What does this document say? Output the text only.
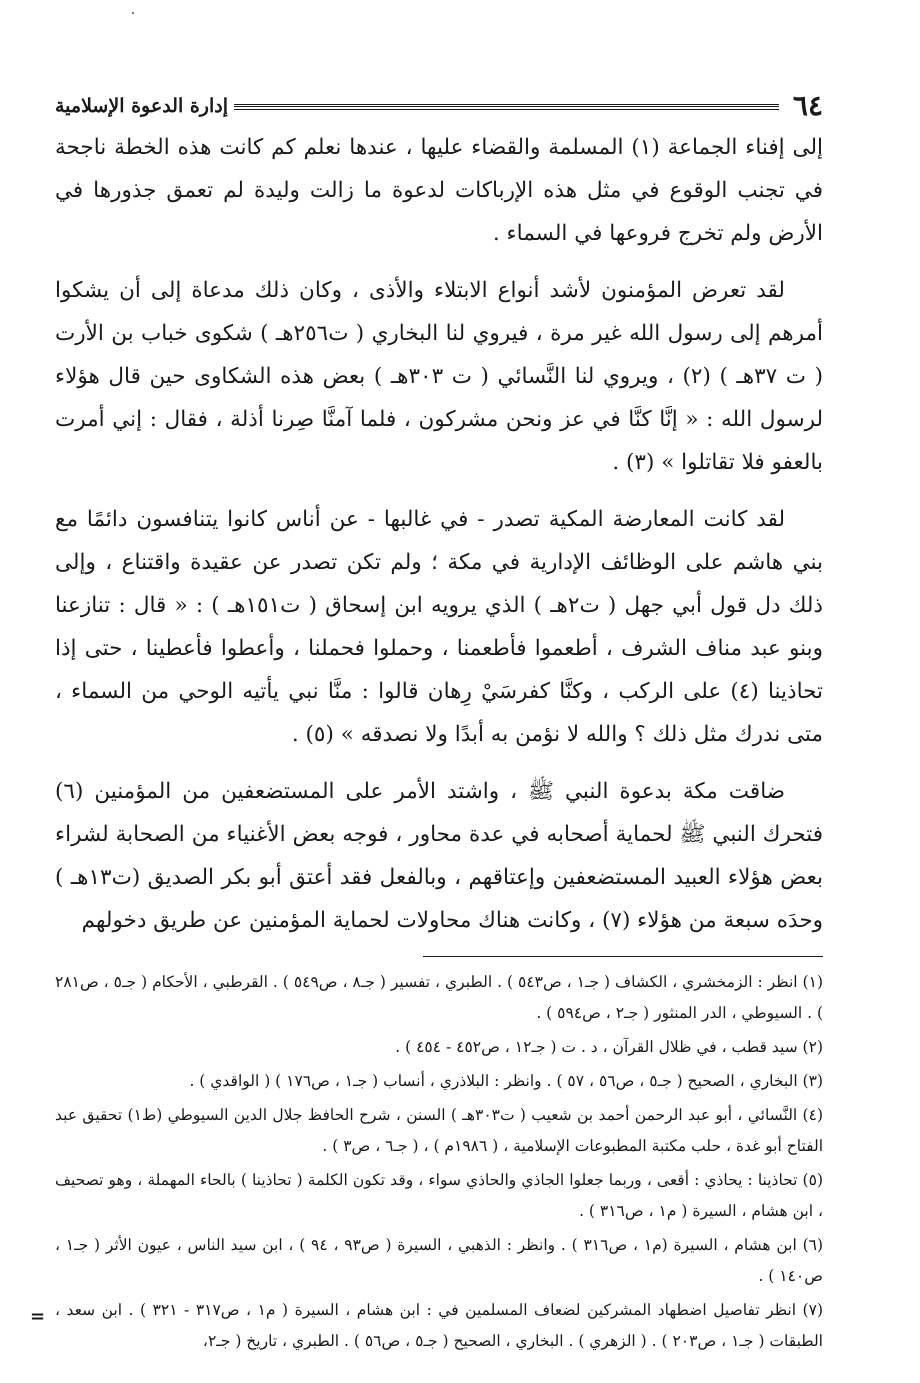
٦٤
إدارة الدعوة الإسلامية

إلى إفناء الجماعة (١) المسلمة والقضاء عليها ، عندها نعلم كم كانت هذه الخطة ناجحة في تجنب الوقوع في مثل هذه الإرباكات لدعوة ما زالت وليدة لم تعمق جذورها في الأرض ولم تخرج فروعها في السماء .

لقد تعرض المؤمنون لأشد أنواع الابتلاء والأذى ، وكان ذلك مدعاة إلى أن يشكوا أمرهم إلى رسول الله غير مرة ، فيروي لنا البخاري ( ت٢٥٦هـ ) شكوى خباب بن الأرت ( ت ٣٧هـ ) (٢) ، ويروي لنا النَّسائي ( ت ٣٠٣هـ ) بعض هذه الشكاوى حين قال هؤلاء لرسول الله : « إنَّا كنَّا في عز ونحن مشركون ، فلما آمنَّا صِرنا أذلة ، فقال : إني أمرت بالعفو فلا تقاتلوا » (٣) .

لقد كانت المعارضة المكية تصدر - في غالبها - عن أناس كانوا يتنافسون دائمًا مع بني هاشم على الوظائف الإدارية في مكة ؛ ولم تكن تصدر عن عقيدة واقتناع ، وإلى ذلك دل قول أبي جهل ( ت٢هـ ) الذي يرويه ابن إسحاق ( ت١٥١هـ ) : « قال : تنازعنا وبنو عبد مناف الشرف ، أطعموا فأطعمنا ، وحملوا فحملنا ، وأعطوا فأعطينا ، حتى إذا تحاذينا (٤) على الركب ، وكنَّا كفرسَيْ رِهان قالوا : منَّا نبي يأتيه الوحي من السماء ، متى ندرك مثل ذلك ؟ والله لا نؤمن به أبدًا ولا نصدقه » (٥) .

ضاقت مكة بدعوة النبي ﷺ ، واشتد الأمر على المستضعفين من المؤمنين (٦) فتحرك النبي ﷺ لحماية أصحابه في عدة محاور ، فوجه بعض الأغنياء من الصحابة لشراء بعض هؤلاء العبيد المستضعفين وإعتاقهم ، وبالفعل فقد أعتق أبو بكر الصديق (ت١٣هـ ) وحدَه سبعة من هؤلاء (٧) ، وكانت هناك محاولات لحماية المؤمنين عن طريق دخولهم

(١) انظر : الزمخشري ، الكشاف ( جـ١ ، ص٥٤٣ ) . الطبري ، تفسير ( جـ٨ ، ص٥٤٩ ) . القرطبي ، الأحكام ( جـ٥ ، ص٢٨١ ) . السيوطي ، الدر المنثور ( جـ٢ ، ص٥٩٤ ) .

(٢) سيد قطب ، في ظلال القرآن ، د . ت ( جـ١٢ ، ص٤٥٢ - ٤٥٤ ) .

(٣) البخاري ، الصحيح ( جـ٥ ، ص٥٦ ، ٥٧ ) . وانظر : البلاذري ، أنساب ( جـ١ ، ص١٧٦ ) ( الواقدي ) .

(٤) النَّسائي ، أبو عبد الرحمن أحمد بن شعيب ( ت٣٠٣هـ ) السنن ، شرح الحافظ جلال الدين السيوطي (ط١) تحقيق عبد الفتاح أبو غدة ، حلب مكتبة المطبوعات الإسلامية ، ( ١٩٨٦م ) ، ( جـ٦ ، ص٣ ) .

(٥) تحاذينا : يحاذي : أقعى ، وربما جعلوا الجاذي والحاذي سواء ، وقد تكون الكلمة ( تحاذينا ) بالحاء المهملة ، وهو تصحيف ، ابن هشام ، السيرة ( م١ ، ص٣١٦ ) .

(٦) ابن هشام ، السيرة (م١ ، ص٣١٦ ) . وانظر : الذهبي ، السيرة ( ص٩٣ ، ٩٤ ) ، ابن سيد الناس ، عيون الأثر ( جـ١ ، ص١٤٠ ) .

(٧) انظر تفاصيل اضطهاد المشركين لضعاف المسلمين في : ابن هشام ، السيرة ( م١ ، ص٣١٧ - ٣٢١ ) . ابن سعد ، الطبقات ( جـ١ ، ص٢٠٣ ) . ( الزهري ) . البخاري ، الصحيح ( جـ٥ ، ص٥٦ ) . الطبري ، تاريخ ( جـ٢،

=
